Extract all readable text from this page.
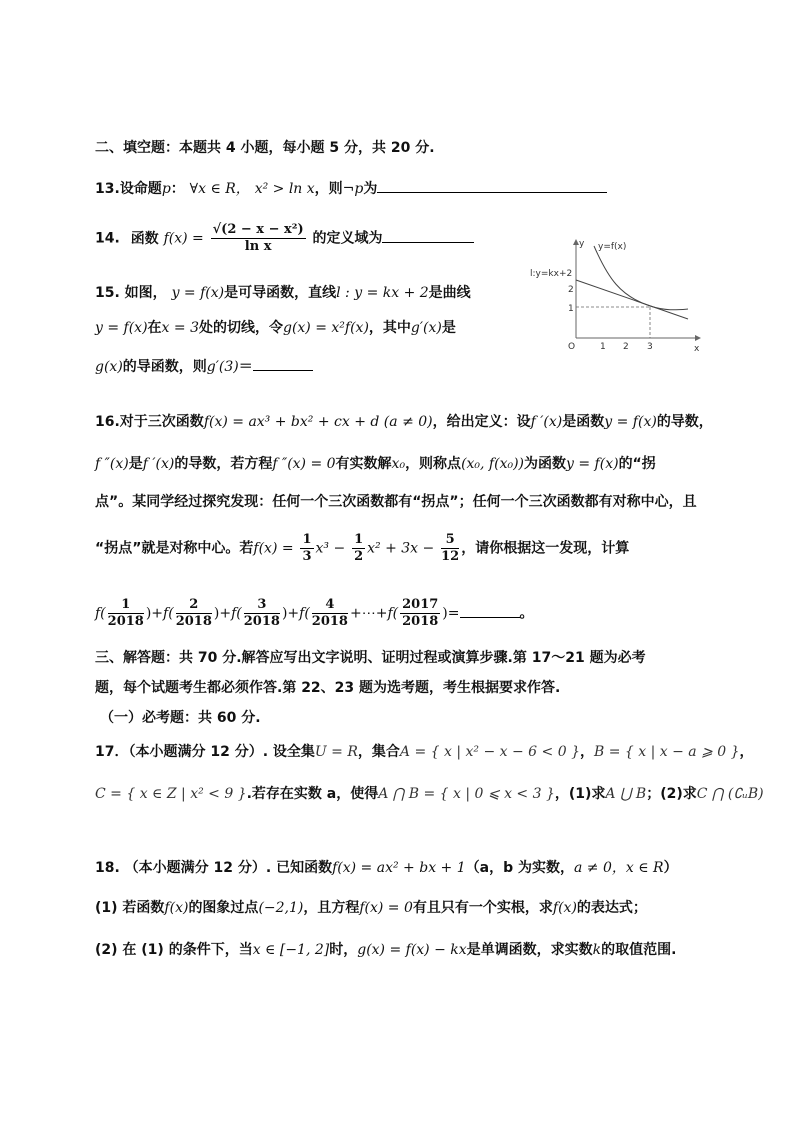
二、填空题：本题共 4 小题，每小题 5 分，共 20 分.
13.设命题p： ∀x ∈ R， x² > ln x，则¬p为
14. 函数 $f(x) = \frac{\text{√(2 − x − x²)}}{\text{ln x}}$ 的定义域为
15. 如图， y = f(x)是可导函数，直线l : y = kx + 2是曲线
y = f(x)在x = 3处的切线，令g(x) = x²f(x)，其中g′(x)是
g(x)的导函数，则g′(3)＝
y=f(x)
l:y=kx+2
y
x
O	1 2 3
1
2
16.对于三次函数f(x) = ax³ + bx² + cx + d (a ≠ 0)，给出定义：设f ′(x)是函数y = f(x)的导数，
f ″(x)是f ′(x)的导数，若方程f ″(x) = 0有实数解x₀，则称点(x₀, f(x₀))为函数y = f(x)的“拐
点”。某同学经过探究发现：任何一个三次函数都有“拐点”；任何一个三次函数都有对称中心，且
“拐点”就是对称中心。若$f(x) = \frac{1}{3} x^3 - \frac{1}{2} x^2 + 3x - \frac{5}{12}$ ，请你根据这一发现，计算
$f( \frac{1}{2018} )+f( \frac{2}{2018} )+f( \frac{3}{2018} )+f( \frac{4}{2018}$ +⋯+f( $\frac{2017}{2018}$ )=	。
三、解答题：共 70 分.解答应写出文字说明、证明过程或演算步骤.第 17～21 题为必考
题，每个试题考生都必须作答.第 22、23 题为选考题，考生根据要求作答.
（一）必考题：共 60 分.
17．（本小题满分 12 分）. 设全集U = R，集合A = { x | x² − x − 6 < 0 }，B = { x | x − a ⩾ 0 }，
C = { x ∈ Z | x² < 9 }.若存在实数 a，使得A ⋂ B = { x | 0 ⩽ x < 3 }，(1)求A ⋃ B；(2)求C ⋂ (∁ᵤB)
18. （本小题满分 12 分）. 已知函数f(x) = ax² + bx + 1（a，b 为实数，a ≠ 0，x ∈ R）
(1) 若函数f(x)的图象过点(−2,1)，且方程f(x) = 0有且只有一个实根，求f(x)的表达式；
(2) 在 (1) 的条件下，当x ∈ [−1, 2]时，g(x) = f(x) − kx是单调函数，求实数k的取值范围.
